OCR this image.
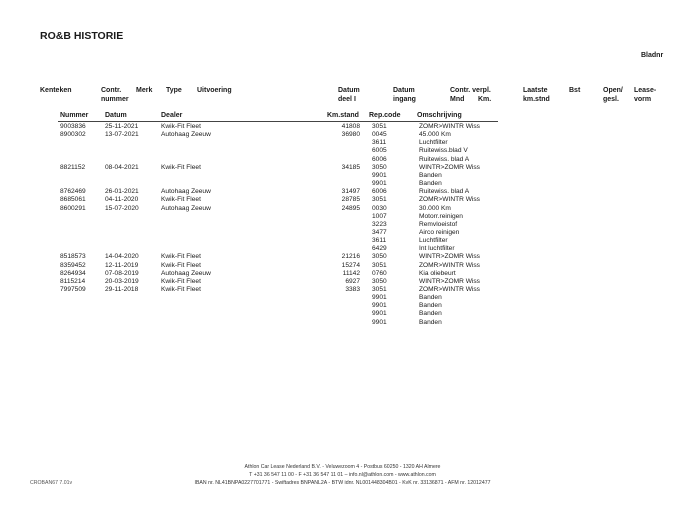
RO&B HISTORIE
Bladnr
Kenteken	Contr.
nummer
Merk Type Uitvoering	Datum
deel I
Datum
ingang
Contr. verpl.
Mnd       Km.
Laatste
km.stnd
Bst	Open/
gesl.
Lease-
vorm
Nummer Datum	Dealer	Km.stand Rep.code Omschrijving
9003836	25-11-2021	Kwik-Fit Fleet	41808 3051	ZOMR>WINTR Wiss
8900302	13-07-2021	Autohaag Zeeuw	36980 0045	45.000 Km
3611	Luchtfilter
6005	Ruitewiss.blad V
6006	Ruitewiss. blad A
8821152	08-04-2021	Kwik-Fit Fleet	34185 3050	WINTR>ZOMR Wiss
9901	Banden
9901	Banden
8762469	26-01-2021	Autohaag Zeeuw	31497 6006	Ruitewiss. blad A
8685061	04-11-2020	Kwik-Fit Fleet	28785 3051	ZOMR>WINTR Wiss
8600291	15-07-2020	Autohaag Zeeuw	24895 0030	30.000 Km
1007	Motorr.reinigen
3223	Remvloeistof
3477	Airco reinigen
3611	Luchtfilter
6429	Int luchtfilter
8518573	14-04-2020	Kwik-Fit Fleet	21216 3050	WINTR>ZOMR Wiss
8359452	12-11-2019	Kwik-Fit Fleet	15274 3051	ZOMR>WINTR Wiss
8264934	07-08-2019	Autohaag Zeeuw	11142 0760	Kia oliebeurt
8115214	20-03-2019	Kwik-Fit Fleet	6927 3050	WINTR>ZOMR Wiss
7997509	29-11-2018	Kwik-Fit Fleet	3383 3051	ZOMR>WINTR Wiss
9901	Banden
9901	Banden
9901	Banden
9901	Banden
Athlon Car Lease Nederland B.V. - Veluwezoom 4 - Postbus 60250 - 1320 AH Almere
T +31 36 547 11 00 - F +31 36 547 11 01 – info.nl@athlon.com - www.athlon.com
IBAN nr. NL41BNPA0227701771 - Swiftadres BNPANL2A - BTW idnr. NL001448304B01 - KvK nr. 33136871 - AFM nr. 12012477
CROBAN67 7.01v
